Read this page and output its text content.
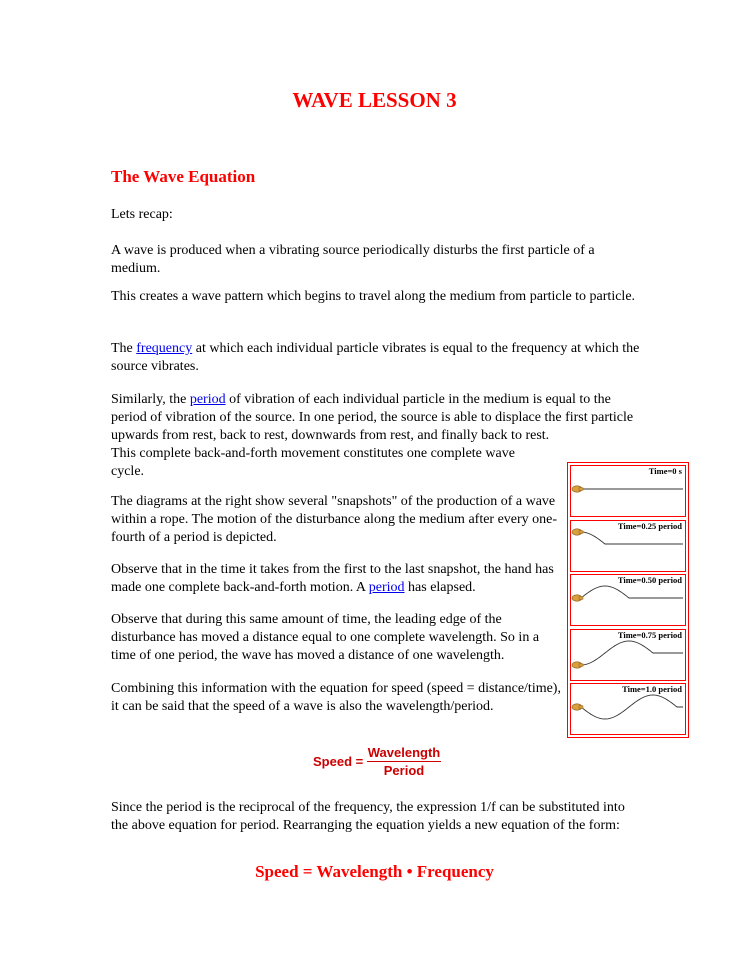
WAVE LESSON 3
The Wave Equation

Lets recap:

A wave is produced when a vibrating source periodically disturbs the first particle of a medium.

This creates a wave pattern which begins to travel along the medium from particle to particle.

The frequency at which each individual particle vibrates is equal to the frequency at which the source vibrates.

Similarly, the period of vibration of each individual particle in the medium is equal to the period of vibration of the source. In one period, the source is able to displace the first particle upwards from rest, back to rest, downwards from rest, and finally back to rest.

This complete back-and-forth movement constitutes one complete wave cycle.

The diagrams at the right show several "snapshots" of the production of a wave within a rope. The motion of the disturbance along the medium after every one-fourth of a period is depicted.

Observe that in the time it takes from the first to the last snapshot, the hand has made one complete back-and-forth motion. A period has elapsed.

Observe that during this same amount of time, the leading edge of the disturbance has moved a distance equal to one complete wavelength. So in a time of one period, the wave has moved a distance of one wavelength.

Combining this information with the equation for speed (speed = distance/time), it can be said that the speed of a wave is also the wavelength/period.

Time=0 s
Time=0.25 period
Time=0.50 period
Time=0.75 period
Time=1.0 period
Speed =
Wavelength
Period

Since the period is the reciprocal of the frequency, the expression 1/f can be substituted into the above equation for period. Rearranging the equation yields a new equation of the form:

Speed = Wavelength • Frequency
